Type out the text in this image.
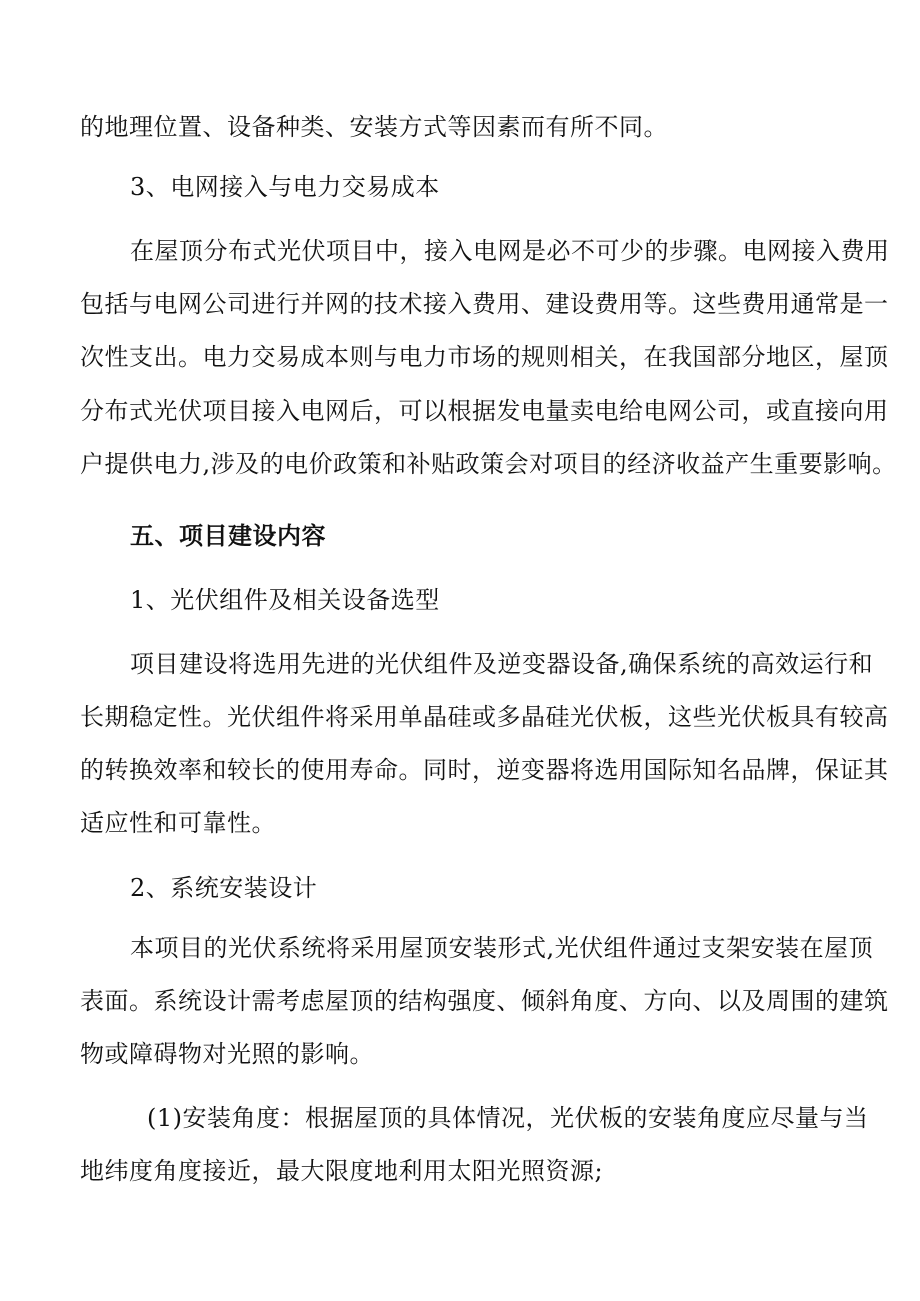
的地理位置、设备种类、安装方式等因素而有所不同。
3、电网接入与电力交易成本
在屋顶分布式光伏项目中，接入电网是必不可少的步骤。电网接入费用
包括与电网公司进行并网的技术接入费用、建设费用等。这些费用通常是一
次性支出。电力交易成本则与电力市场的规则相关，在我国部分地区，屋顶
分布式光伏项目接入电网后，可以根据发电量卖电给电网公司，或直接向用
户提供电力,涉及的电价政策和补贴政策会对项目的经济收益产生重要影响。
五、项目建设内容
1、光伏组件及相关设备选型
项目建设将选用先进的光伏组件及逆变器设备,确保系统的高效运行和
长期稳定性。光伏组件将采用单晶硅或多晶硅光伏板，这些光伏板具有较高
的转换效率和较长的使用寿命。同时，逆变器将选用国际知名品牌，保证其
适应性和可靠性。
2、系统安装设计
本项目的光伏系统将采用屋顶安装形式,光伏组件通过支架安装在屋顶
表面。系统设计需考虑屋顶的结构强度、倾斜角度、方向、以及周围的建筑
物或障碍物对光照的影响。
(1)安装角度：根据屋顶的具体情况，光伏板的安装角度应尽量与当
地纬度角度接近，最大限度地利用太阳光照资源;
